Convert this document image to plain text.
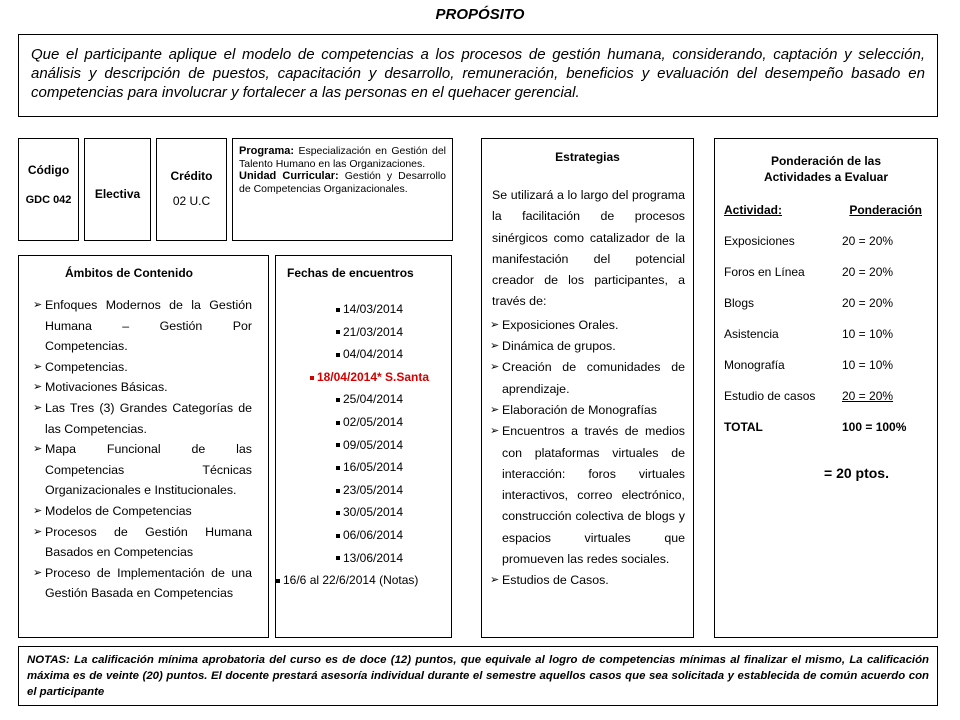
PROPÓSITO
Que el participante aplique el modelo de competencias a los procesos de gestión humana, considerando, captación y selección, análisis y descripción de puestos, capacitación y desarrollo, remuneración, beneficios y evaluación del desempeño basado en competencias para involucrar y fortalecer a las personas en el quehacer gerencial.
Código
GDC 042	Electiva
Crédito
02 U.C
Programa: Especialización en Gestión del Talento Humano en las Organizaciones.
Unidad Curricular: Gestión y Desarrollo de Competencias Organizacionales.
Ámbitos de Contenido
➢ Enfoques Modernos de la Gestión Humana – Gestión Por Competencias.
➢ Competencias.
➢ Motivaciones Básicas.
➢ Las Tres (3) Grandes Categorías de las Competencias.
➢ Mapa Funcional de las Competencias Técnicas Organizacionales e Institucionales.
➢ Modelos de Competencias
➢ Procesos de Gestión Humana Basados en Competencias
➢ Proceso de Implementación de una Gestión Basada en Competencias
Fechas de encuentros
14/03/2014
21/03/2014
04/04/2014
18/04/2014* S.Santa
25/04/2014
02/05/2014
09/05/2014
16/05/2014
23/05/2014
30/05/2014
06/06/2014
13/06/2014
16/6 al 22/6/2014 (Notas)
Estrategias
Se utilizará a lo largo del programa la facilitación de procesos sinérgicos como catalizador de la manifestación del potencial creador de los participantes, a través de:
➢ Exposiciones Orales.
➢ Dinámica de grupos.
➢ Creación de comunidades de aprendizaje.
➢ Elaboración de Monografías
➢ Encuentros a través de medios con plataformas virtuales de interacción: foros virtuales interactivos, correo electrónico, construcción colectiva de blogs y espacios virtuales que promueven las redes sociales.
➢ Estudios de Casos.
Ponderación de las Actividades a Evaluar
Actividad:	Ponderación
Exposiciones	20 = 20%
Foros en Línea	20 = 20%
Blogs	20 = 20%
Asistencia	10 = 10%
Monografía	10 = 10%
Estudio de casos 20 = 20%
TOTAL	100 = 100%
= 20 ptos.
NOTAS: La calificación mínima aprobatoria del curso es de doce (12) puntos, que equivale al logro de competencias mínimas al finalizar el mismo, La calificación máxima es de veinte (20) puntos. El docente prestará asesoría individual durante el semestre aquellos casos que sea solicitada y establecida de común acuerdo con el participante
